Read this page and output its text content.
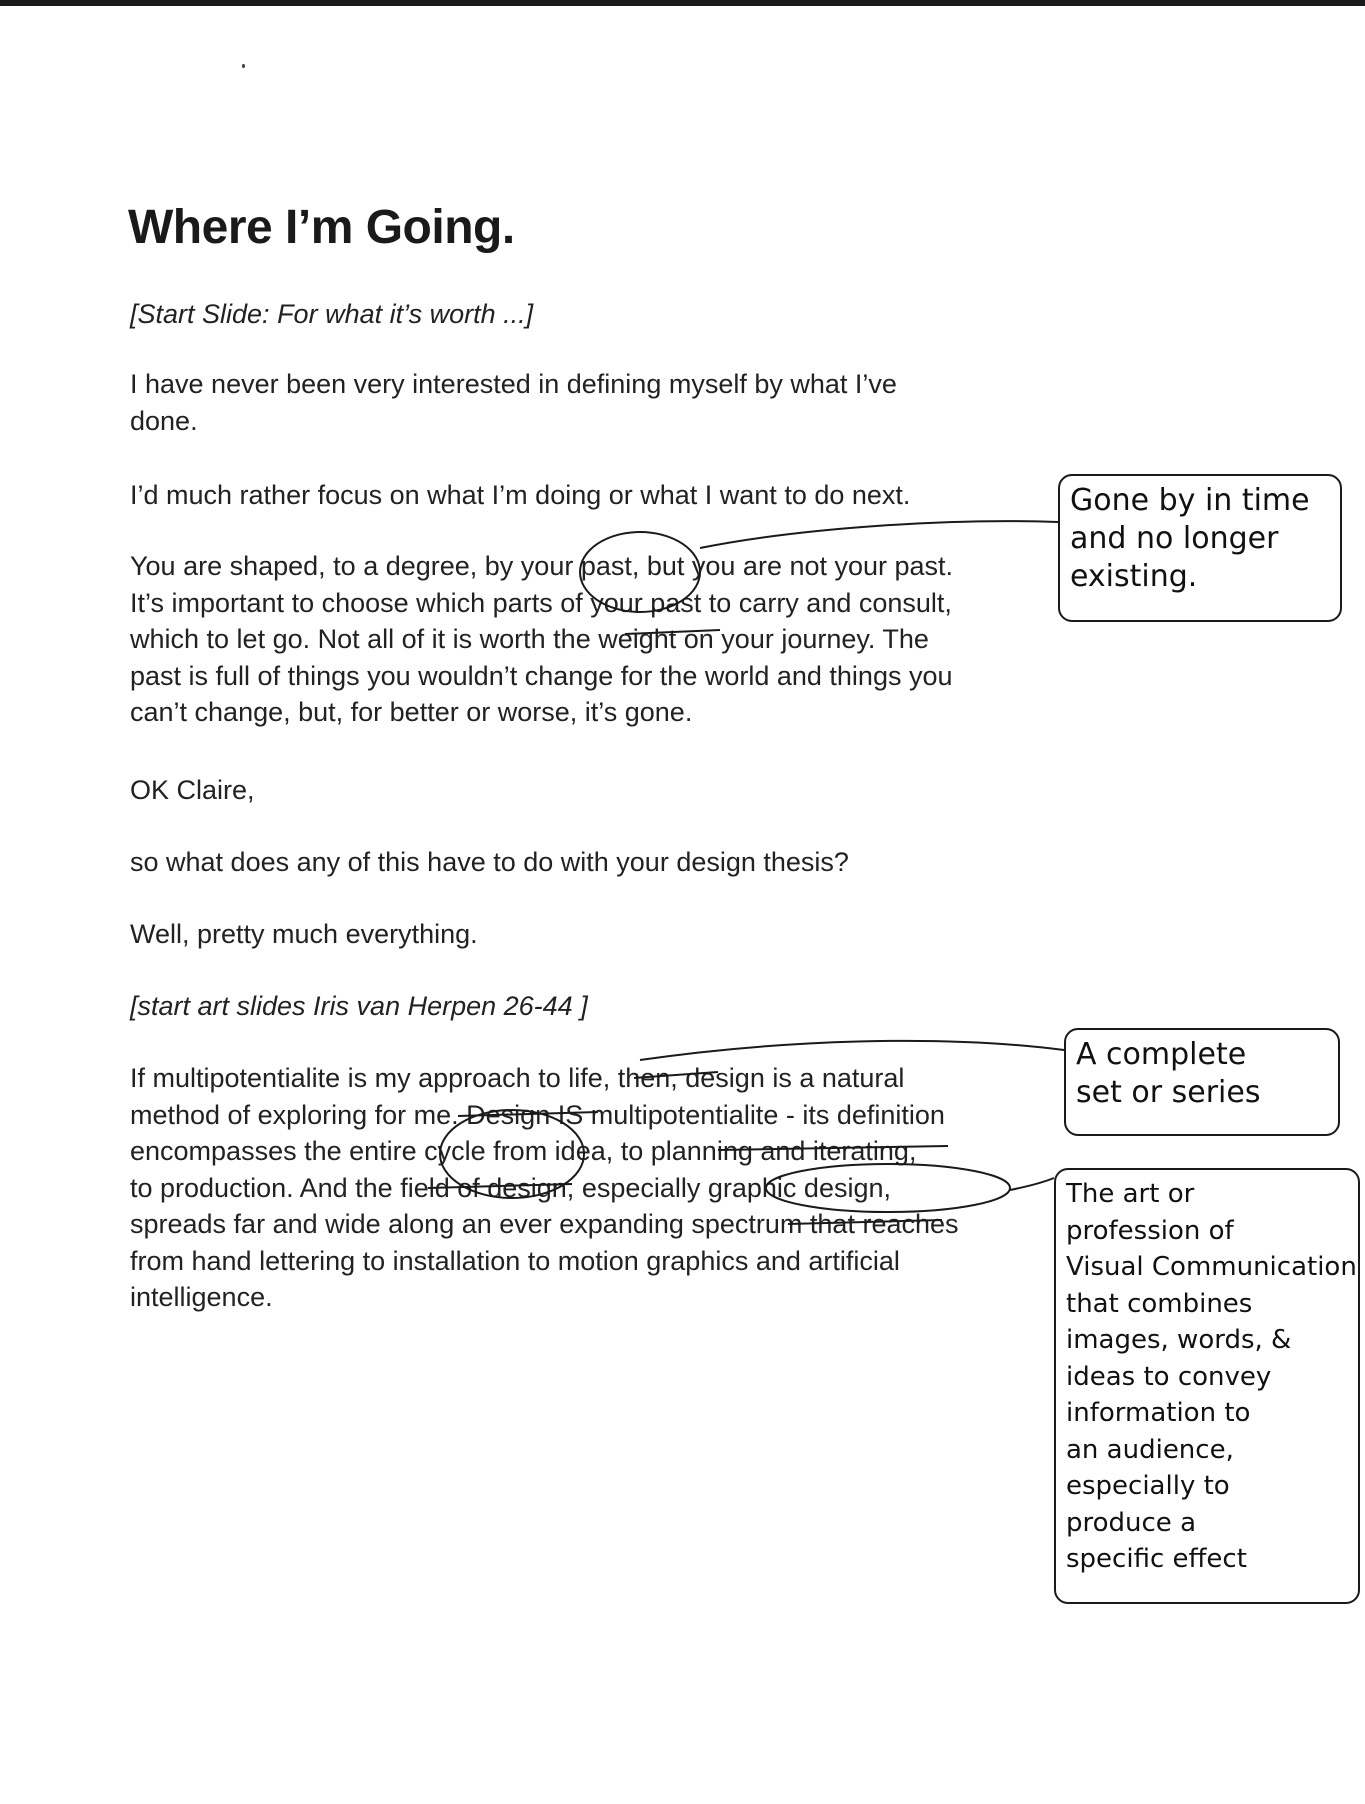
Where I’m Going.

[Start Slide: For what it’s worth ...]

I have never been very interested in defining myself by what I’ve
done.

I’d much rather focus on what I’m doing or what I want to do next.

You are shaped, to a degree, by your past, but you are not your past.
It’s important to choose which parts of your past to carry and consult,
which to let go. Not all of it is worth the weight on your journey. The
past is full of things you wouldn’t change for the world and things you
can’t change, but, for better or worse, it’s gone.

OK Claire,

so what does any of this have to do with your design thesis?

Well, pretty much everything.

[start art slides Iris van Herpen 26-44 ]

If multipotentialite is my approach to life, then, design is a natural
method of exploring for me. Design IS multipotentialite - its definition
encompasses the entire cycle from idea, to planning and iterating,
to production. And the field of design, especially graphic design,
spreads far and wide along an ever expanding spectrum that reaches
from hand lettering to installation to motion graphics and artificial
intelligence.

Gone by in time
and no longer
existing.
A complete
set or series
The art or
profession of
Visual Communication
that combines
images, words, &
ideas to convey
information to
an audience,
especially to
produce a
specific effect
